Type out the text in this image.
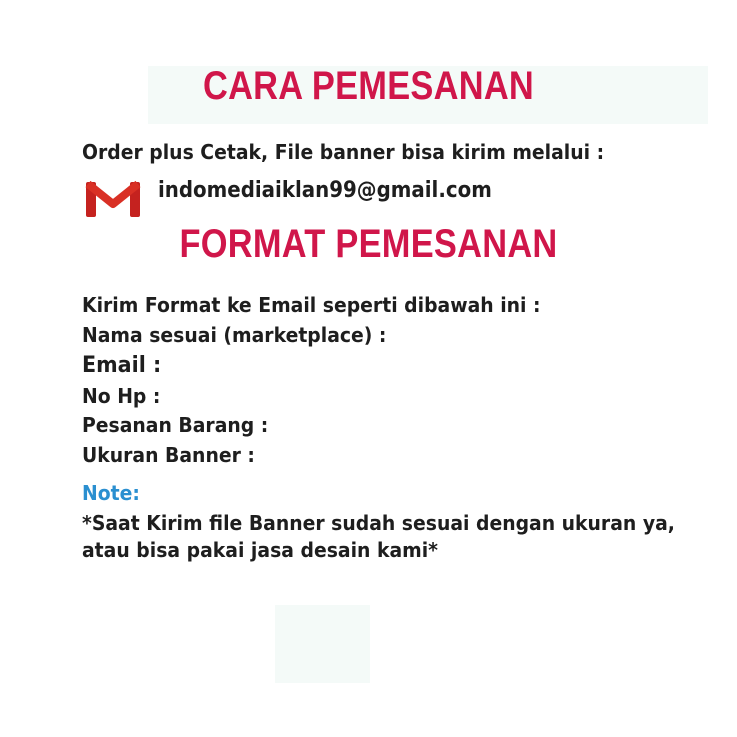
CARA PEMESANAN
Order plus Cetak, File banner bisa kirim melalui :
indomediaiklan99@gmail.com
FORMAT PEMESANAN
Kirim Format ke Email seperti dibawah ini :
Nama sesuai (marketplace) :
Email :
No Hp :
Pesanan Barang :
Ukuran Banner :
Note:
*Saat Kirim file Banner sudah sesuai dengan ukuran ya,
atau bisa pakai jasa desain kami*
